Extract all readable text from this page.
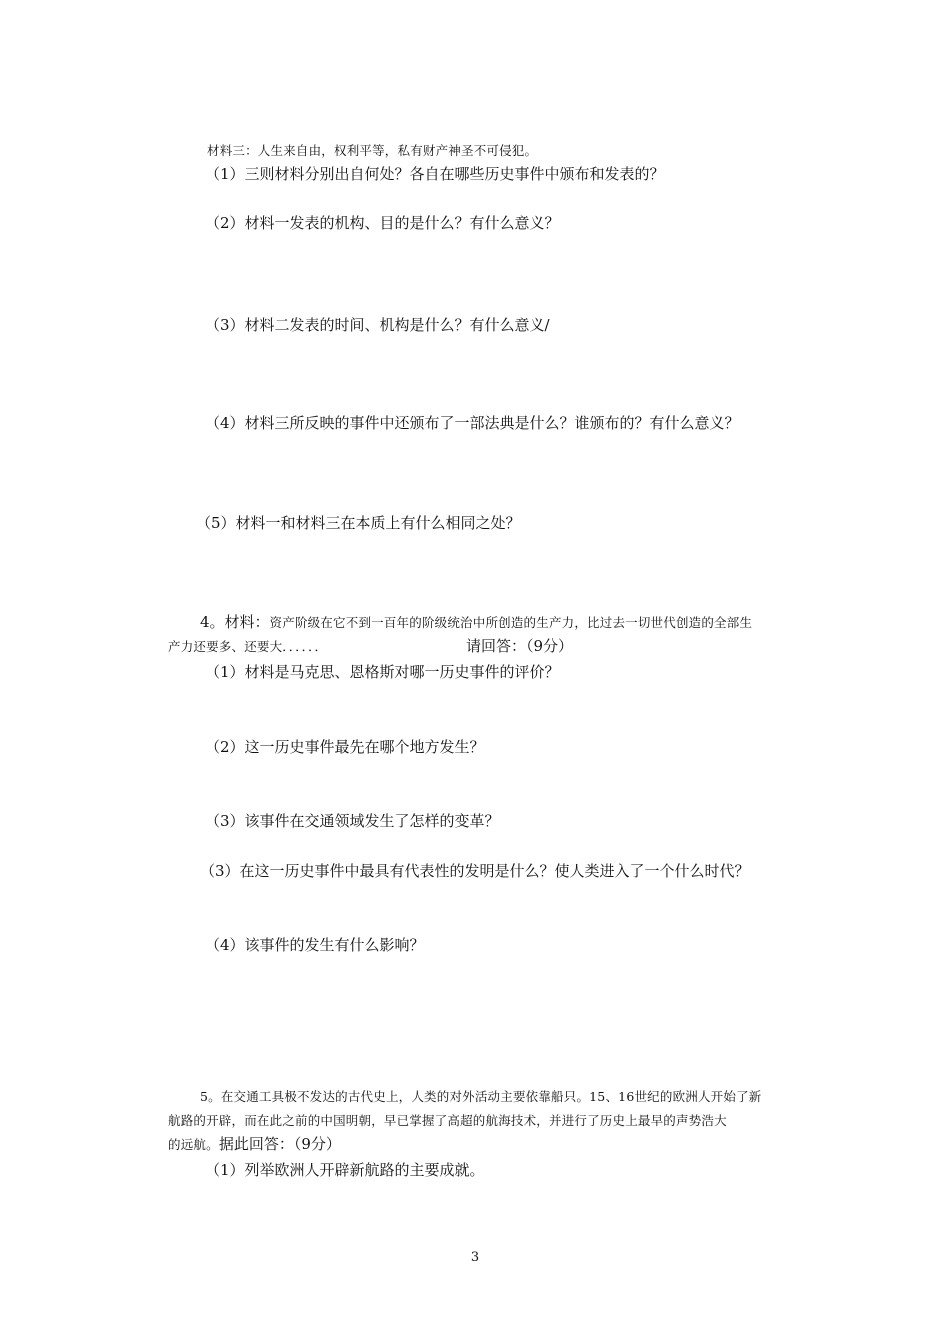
材料三：人生来自由，权利平等，私有财产神圣不可侵犯。
（1）三则材料分别出自何处？各自在哪些历史事件中颁布和发表的？
（2）材料一发表的机构、目的是什么？有什么意义？
（3）材料二发表的时间、机构是什么？有什么意义/
（4）材料三所反映的事件中还颁布了一部法典是什么？谁颁布的？有什么意义？
（5）材料一和材料三在本质上有什么相同之处？
4。材料：资产阶级在它不到一百年的阶级统治中所创造的生产力，比过去一切世代创造的全部生
产力还要多、还要大．．．．．．	请回答：（9分）
（1）材料是马克思、恩格斯对哪一历史事件的评价？
（2）这一历史事件最先在哪个地方发生？
（3）该事件在交通领域发生了怎样的变革？
（3）在这一历史事件中最具有代表性的发明是什么？使人类进入了一个什么时代？
（4）该事件的发生有什么影响？
5。在交通工具极不发达的古代史上，人类的对外活动主要依靠船只。15、16世纪的欧洲人开始了新
航路的开辟，而在此之前的中国明朝，早已掌握了高超的航海技术，并进行了历史上最早的声势浩大
的远航。据此回答：（9分）
（1）列举欧洲人开辟新航路的主要成就。
3
